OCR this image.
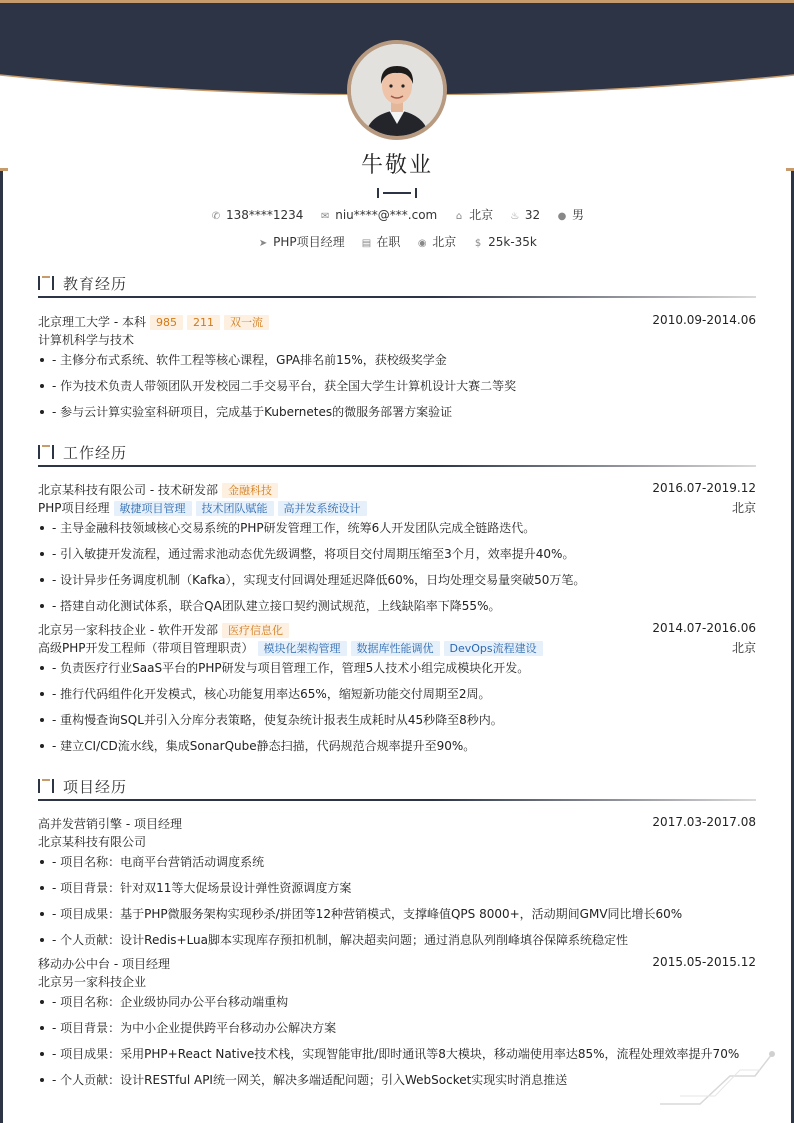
牛敬业
✆ 138****1234 ✉ niu****@***.com ⌂ 北京 ♨ 32 ● 男
➤ PHP项目经理 ▤ 在职 ◉ 北京 $ 25k-35k
教育经历
北京理工大学 - 本科 985 211 双一流	2010.09-2014.06
计算机科学与技术
- 主修分布式系统、软件工程等核心课程，GPA排名前15%，获校级奖学金
- 作为技术负责人带领团队开发校园二手交易平台，获全国大学生计算机设计大赛二等奖
- 参与云计算实验室科研项目，完成基于Kubernetes的微服务部署方案验证
工作经历
北京某科技有限公司 - 技术研发部 金融科技	2016.07-2019.12
PHP项目经理 敏捷项目管理 技术团队赋能 高并发系统设计	北京
- 主导金融科技领域核心交易系统的PHP研发管理工作，统筹6人开发团队完成全链路迭代。
- 引入敏捷开发流程，通过需求池动态优先级调整，将项目交付周期压缩至3个月，效率提升40%。
- 设计异步任务调度机制（Kafka），实现支付回调处理延迟降低60%，日均处理交易量突破50万笔。
- 搭建自动化测试体系，联合QA团队建立接口契约测试规范，上线缺陷率下降55%。
北京另一家科技企业 - 软件开发部 医疗信息化	2014.07-2016.06
高级PHP开发工程师（带项目管理职责） 模块化架构管理 数据库性能调优 DevOps流程建设	北京
- 负责医疗行业SaaS平台的PHP研发与项目管理工作，管理5人技术小组完成模块化开发。
- 推行代码组件化开发模式，核心功能复用率达65%，缩短新功能交付周期至2周。
- 重构慢查询SQL并引入分库分表策略，使复杂统计报表生成耗时从45秒降至8秒内。
- 建立CI/CD流水线，集成SonarQube静态扫描，代码规范合规率提升至90%。
项目经历
高并发营销引擎 - 项目经理	2017.03-2017.08
北京某科技有限公司
- 项目名称：电商平台营销活动调度系统
- 项目背景：针对双11等大促场景设计弹性资源调度方案
- 项目成果：基于PHP微服务架构实现秒杀/拼团等12种营销模式，支撑峰值QPS 8000+，活动期间GMV同比增长60%
- 个人贡献：设计Redis+Lua脚本实现库存预扣机制，解决超卖问题；通过消息队列削峰填谷保障系统稳定性
移动办公中台 - 项目经理	2015.05-2015.12
北京另一家科技企业
- 项目名称：企业级协同办公平台移动端重构
- 项目背景：为中小企业提供跨平台移动办公解决方案
- 项目成果：采用PHP+React Native技术栈，实现智能审批/即时通讯等8大模块，移动端使用率达85%，流程处理效率提升70%
- 个人贡献：设计RESTful API统一网关，解决多端适配问题；引入WebSocket实现实时消息推送
